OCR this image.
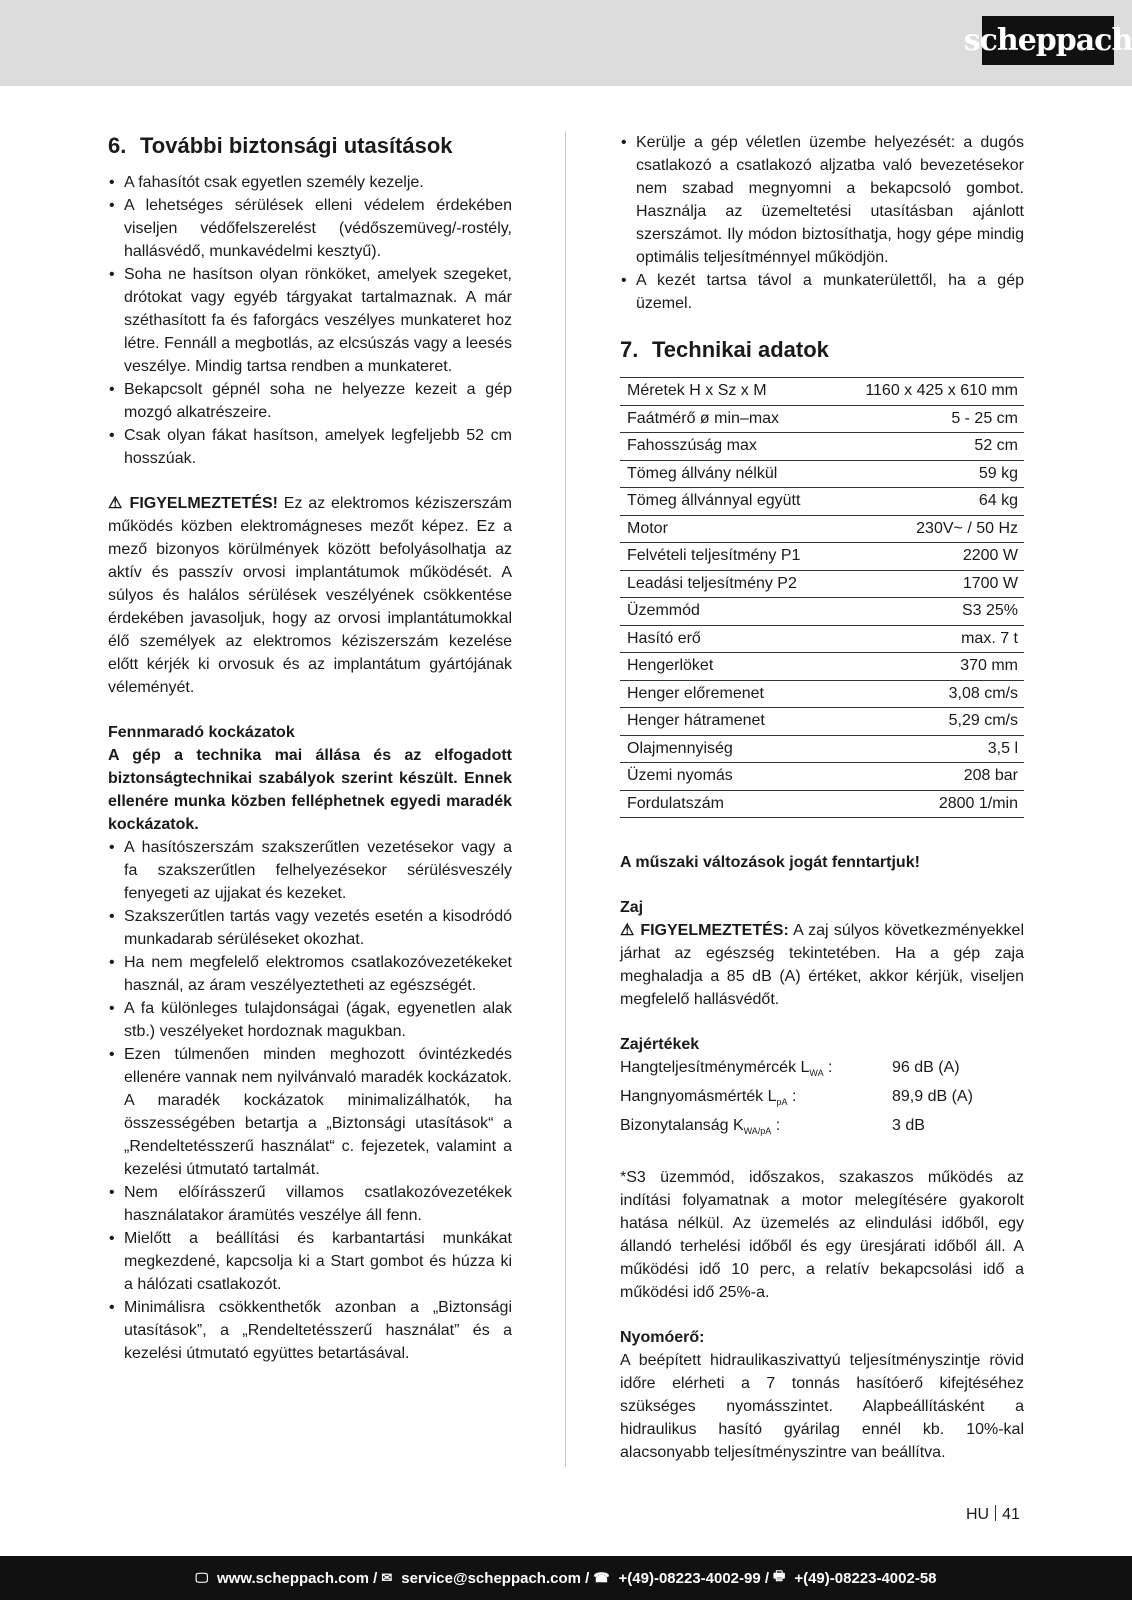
scheppach
6. További biztonsági utasítások
• A fahasítót csak egyetlen személy kezelje.
• A lehetséges sérülések elleni védelem érdekében viseljen védőfelszerelést (védőszemüveg/-rostély, hallásvédő, munkavédelmi kesztyű).
• Soha ne hasítson olyan rönköket, amelyek szegeket, drótokat vagy egyéb tárgyakat tartalmaznak. A már széthasított fa és faforgács veszélyes munkateret hoz létre. Fennáll a megbotlás, az elcsúszás vagy a leesés veszélye. Mindig tartsa rendben a munkateret.
• Bekapcsolt gépnél soha ne helyezze kezeit a gép mozgó alkatrészeire.
• Csak olyan fákat hasítson, amelyek legfeljebb 52 cm hosszúak.

⚠ FIGYELMEZTETÉS! Ez az elektromos kéziszerszám működés közben elektromágneses mezőt képez. Ez a mező bizonyos körülmények között befolyásolhatja az aktív és passzív orvosi implantátumok működését. A súlyos és halálos sérülések veszélyének csökkentése érdekében javasoljuk, hogy az orvosi implantátumokkal élő személyek az elektromos kéziszerszám kezelése előtt kérjék ki orvosuk és az implantátum gyártójának véleményét.

Fennmaradó kockázatok

A gép a technika mai állása és az elfogadott biztonságtechnikai szabályok szerint készült. Ennek ellenére munka közben felléphetnek egyedi maradék kockázatok.

• A hasítószerszám szakszerűtlen vezetésekor vagy a fa szakszerűtlen felhelyezésekor sérülésveszély fenyegeti az ujjakat és kezeket.
• Szakszerűtlen tartás vagy vezetés esetén a kisodródó munkadarab sérüléseket okozhat.
• Ha nem megfelelő elektromos csatlakozóvezetékeket használ, az áram veszélyeztetheti az egészségét.
• A fa különleges tulajdonságai (ágak, egyenetlen alak stb.) veszélyeket hordoznak magukban.
• Ezen túlmenően minden meghozott óvintézkedés ellenére vannak nem nyilvánvaló maradék kockázatok. A maradék kockázatok minimalizálhatók, ha összességében betartja a „Biztonsági utasítások“ a „Rendeltetésszerű használat“ c. fejezetek, valamint a kezelési útmutató tartalmát.
• Nem előírásszerű villamos csatlakozóvezetékek használatakor áramütés veszélye áll fenn.
• Mielőtt a beállítási és karbantartási munkákat megkezdené, kapcsolja ki a Start gombot és húzza ki a hálózati csatlakozót.
• Minimálisra csökkenthetők azonban a „Biztonsági utasítások”, a „Rendeltetésszerű használat” és a kezelési útmutató együttes betartásával.
• Kerülje a gép véletlen üzembe helyezését: a dugós csatlakozó a csatlakozó aljzatba való bevezetésekor nem szabad megnyomni a bekapcsoló gombot. Használja az üzemeltetési utasításban ajánlott szerszámot. Ily módon biztosíthatja, hogy gépe mindig optimális teljesítménnyel működjön.
• A kezét tartsa távol a munkaterülettől, ha a gép üzemel.
7. Technikai adatok
Méretek H x Sz x M	1160 x 425 x 610 mm
Faátmérő ø min–max	5 - 25 cm
Fahosszúság max	52 cm
Tömeg állvány nélkül	59 kg
Tömeg állvánnyal együtt	64 kg
Motor	230V~ / 50 Hz
Felvételi teljesítmény P1	2200 W
Leadási teljesítmény P2	1700 W
Üzemmód	S3 25%
Hasító erő	max. 7 t
Hengerlöket	370 mm
Henger előremenet	3,08 cm/s
Henger hátramenet	5,29 cm/s
Olajmennyiség	3,5 l
Üzemi nyomás	208 bar
Fordulatszám	2800 1/min

A műszaki változások jogát fenntartjuk!

Zaj

⚠ FIGYELMEZTETÉS: A zaj súlyos következményekkel járhat az egészség tekintetében. Ha a gép zaja meghaladja a 85 dB (A) értéket, akkor kérjük, viseljen megfelelő hallásvédőt.

Zajértékek

Hangteljesítménymércék $L_{WA}$ :	96 dB (A)
Hangnyomásmérték $L_{pA}$ :	89,9 dB (A)
Bizonytalanság $K_{WA/pA}$ :	3 dB

*S3 üzemmód, időszakos, szakaszos működés az indítási folyamatnak a motor melegítésére gyakorolt hatása nélkül. Az üzemelés az elindulási időből, egy állandó terhelési időből és egy üresjárati időből áll. A működési idő 10 perc, a relatív bekapcsolási idő a működési idő 25%-a.

Nyomóerő:

A beépített hidraulikaszivattyú teljesítményszintje rövid időre elérheti a 7 tonnás hasítóerő kifejtéséhez szükséges nyomásszintet. Alapbeállításként a hidraulikus hasító gyárilag ennél kb. 10%-kal alacsonyabb teljesítményszintre van beállítva.

HU 41
🖵 www.scheppach.com / ✉ service@scheppach.com / ☎ +(49)-08223-4002-99 / 🖶 +(49)-08223-4002-58
